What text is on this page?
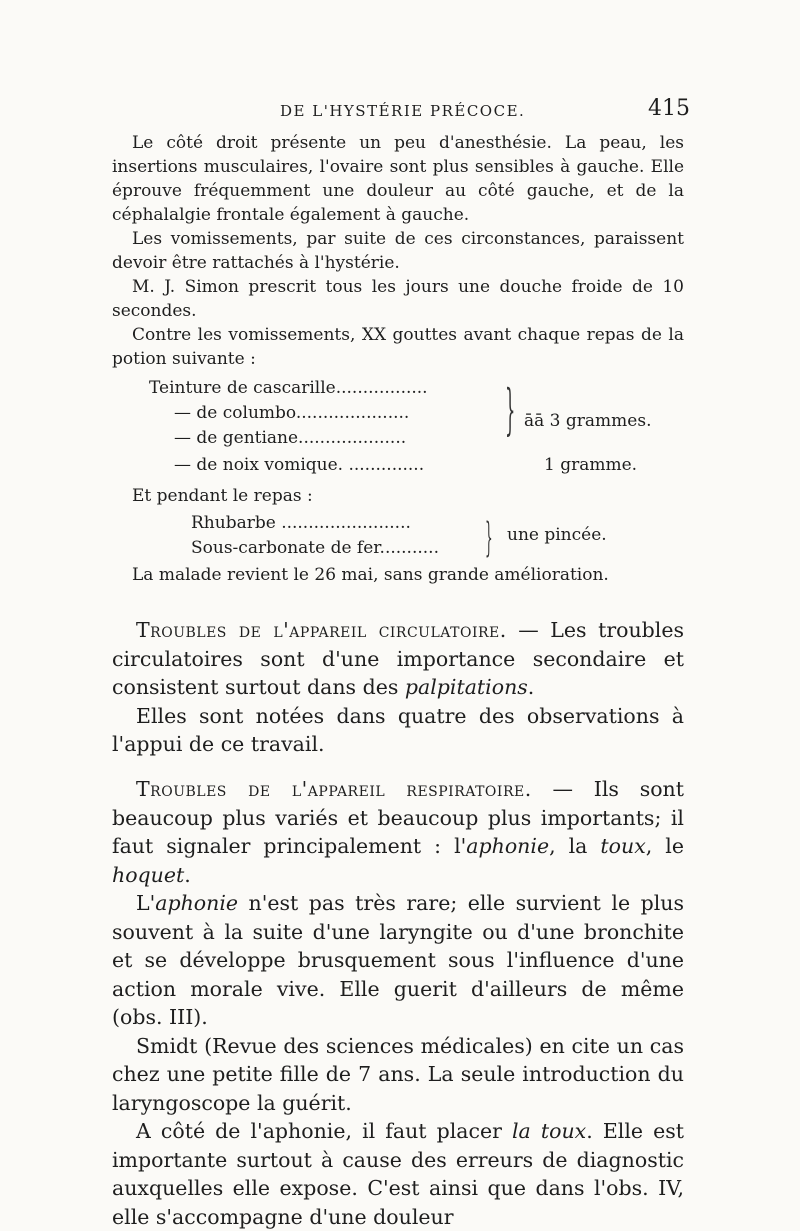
DE L'HYSTÉRIE PRÉCOCE.	415

Le côté droit présente un peu d'anesthésie. La peau, les insertions musculaires, l'ovaire sont plus sensibles à gauche. Elle éprouve fréquemment une douleur au côté gauche, et de la céphalalgie frontale également à gauche.

Les vomissements, par suite de ces circonstances, paraissent devoir être rattachés à l'hystérie.

M. J. Simon prescrit tous les jours une douche froide de 10 secondes.

Contre les vomissements, XX gouttes avant chaque repas de la potion suivante :

Teinture de cascarille.................
— de columbo.....................
— de gentiane....................
— de noix vomique. ..............
} āā 3 grammes.
1 gramme.
Et pendant le repas :
Rhubarbe ........................
Sous-carbonate de fer........... } une pincée.
La malade revient le 26 mai, sans grande amélioration.

Troubles de l'appareil circulatoire. — Les troubles circulatoires sont d'une importance secondaire et consistent surtout dans des palpitations.

Elles sont notées dans quatre des observations à l'appui de ce travail.

Troubles de l'appareil respiratoire. — Ils sont beaucoup plus variés et beaucoup plus importants; il faut signaler principalement : l'aphonie, la toux, le hoquet.

L'aphonie n'est pas très rare; elle survient le plus souvent à la suite d'une laryngite ou d'une bronchite et se développe brusquement sous l'influence d'une action morale vive. Elle guerit d'ailleurs de même (obs. III).

Smidt (Revue des sciences médicales) en cite un cas chez une petite fille de 7 ans. La seule introduction du laryngoscope la guérit.

A côté de l'aphonie, il faut placer la toux. Elle est importante surtout à cause des erreurs de diagnostic auxquelles elle expose. C'est ainsi que dans l'obs. IV, elle s'accompagne d'une douleur
